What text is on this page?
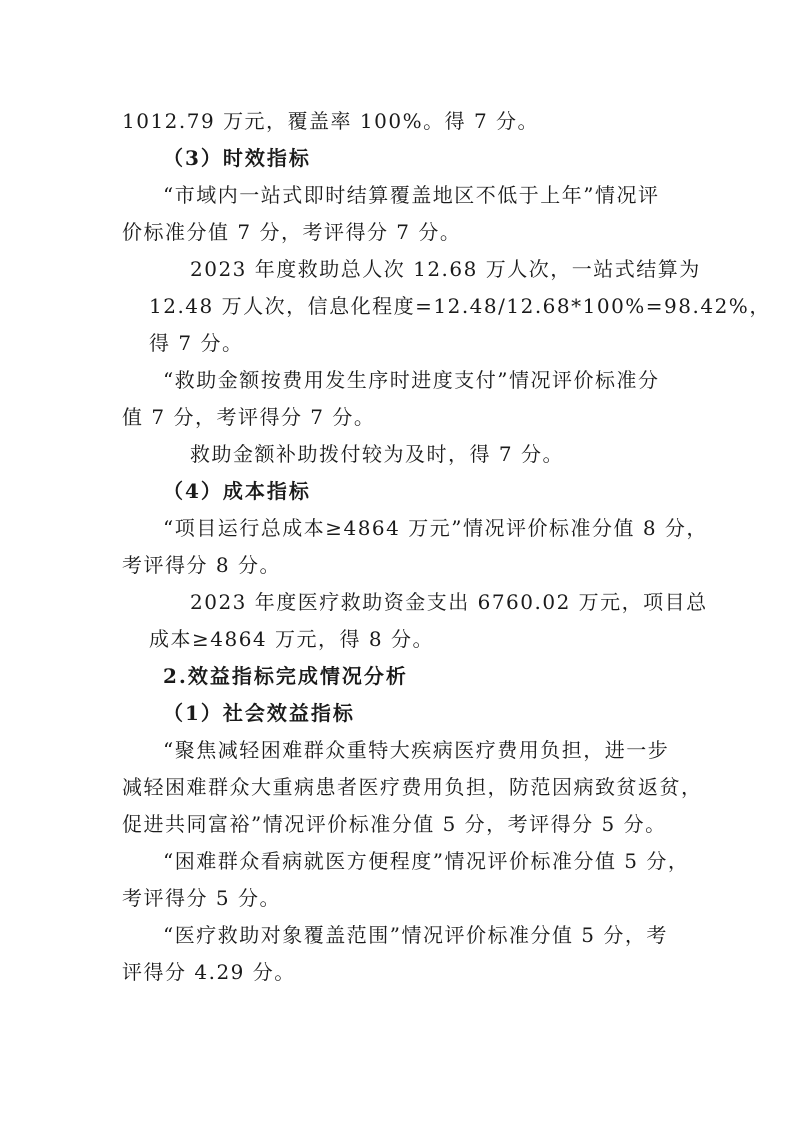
1012.79 万元，覆盖率 100%。得 7 分。
（3）时效指标
“市域内一站式即时结算覆盖地区不低于上年”情况评
价标准分值 7 分，考评得分 7 分。
2023 年度救助总人次 12.68 万人次，一站式结算为
12.48 万人次，信息化程度=12.48/12.68*100%=98.42%，
得 7 分。
“救助金额按费用发生序时进度支付”情况评价标准分
值 7 分，考评得分 7 分。
救助金额补助拨付较为及时，得 7 分。
（4）成本指标
“项目运行总成本≥4864 万元”情况评价标准分值 8 分，
考评得分 8 分。
2023 年度医疗救助资金支出 6760.02 万元，项目总
成本≥4864 万元，得 8 分。
2.效益指标完成情况分析
（1）社会效益指标
“聚焦减轻困难群众重特大疾病医疗费用负担，进一步
减轻困难群众大重病患者医疗费用负担，防范因病致贫返贫，
促进共同富裕”情况评价标准分值 5 分，考评得分 5 分。
“困难群众看病就医方便程度”情况评价标准分值 5 分，
考评得分 5 分。
“医疗救助对象覆盖范围”情况评价标准分值 5 分，考
评得分 4.29 分。
